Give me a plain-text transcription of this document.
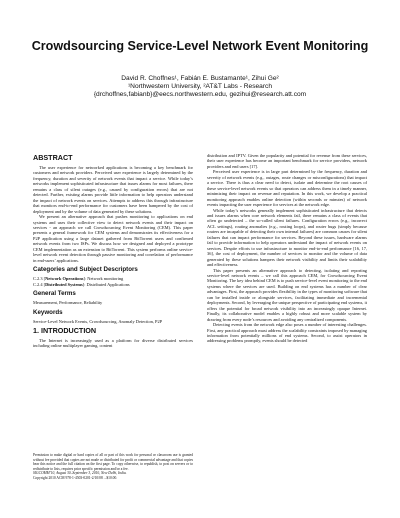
Crowdsourcing Service-Level Network Event Monitoring
David R. Choffnes¹, Fabián E. Bustamante¹, Zihui Ge²
¹Northwestern University, ²AT&T Labs - Research
{drchoffnes,fabianb}@eecs.northwestern.edu, gezihui@research.att.com
ABSTRACT

The user experience for networked applications is becoming a key benchmark for customers and network providers. Perceived user experience is largely determined by the frequency, duration and severity of network events that impact a service. While today’s networks implement sophisticated infrastructure that issues alarms for most failures, there remains a class of silent outages (e.g., caused by configuration errors) that are not detected. Further, existing alarms provide little information to help operators understand the impact of network events on services. Attempts to address this through infrastructure that monitors end-to-end performance for customers have been hampered by the cost of deployment and by the volume of data generated by these solutions.

We present an alternative approach that pushes monitoring to applications on end systems and uses their collective view to detect network events and their impact on services - an approach we call Crowdsourcing Event Monitoring (CEM). This paper presents a general framework for CEM systems and demonstrates its effectiveness for a P2P application using a large dataset gathered from BitTorrent users and confirmed network events from two ISPs. We discuss how we designed and deployed a prototype CEM implementation as an extension to BitTorrent. This system performs online service-level network event detection through passive monitoring and correlation of performance in end-users’ applications.

Categories and Subject Descriptors
C.2.3 [Network Operations]: Network monitoring
C.2.4 [Distributed Systems]: Distributed Applications
General Terms

Measurement, Performance, Reliability

Keywords

Service-Level Network Events, Crowdsourcing, Anomaly Detection, P2P

1. INTRODUCTION

The Internet is increasingly used as a platform for diverse distributed services including online multiplayer gaming, content

Permission to make digital or hard copies of all or part of this work for personal or classroom use is granted without fee provided that copies are not made or distributed for profit or commercial advantage and that copies bear this notice and the full citation on the first page. To copy otherwise, to republish, to post on servers or to redistribute to lists, requires prior specific permission and/or a fee.
SIGCOMM’10, August 30–September 3, 2010, New Delhi, India.
Copyright 2010 ACM 978-1-4503-0201-2/10/08 ...$10.00.

distribution and IPTV. Given the popularity and potential for revenue from these services, their user experience has become an important benchmark for service providers, network providers and end users [17].

Perceived user experience is in large part determined by the frequency, duration and severity of network events (e.g., outages, route changes or misconfigurations) that impact a service. There is thus a clear need to detect, isolate and determine the root causes of these service-level network events so that operators can address them in a timely manner, minimizing their impact on revenue and reputation. In this work, we develop a practical monitoring approach enables online detection (within seconds or minutes) of network events impacting the user experience for services at the network edge.

While today’s networks generally implement sophisticated infrastructure that detects and issues alarms when core network elements fail, there remains a class of events that often go undetected – the so-called silent failures. Configuration errors (e.g., incorrect ACL settings), routing anomalies (e.g., routing loops), and router bugs (simply because routers are incapable of detecting their own internal failures) are common causes for silent failures that can impact performance for services. Beyond these issues, hardware alarms fail to provide information to help operators understand the impact of network events on services. Despite efforts to use infrastructure to monitor end-to-end performance [16, 17, 36], the cost of deployment, the number of services to monitor and the volume of data generated by these solutions hampers their network visibility and limits their scalability and effectiveness.

This paper presents an alternative approach to detecting, isolating and reporting service-level network events – we call this approach CEM, for Crowdsourcing Event Monitoring. The key idea behind CEM is to push service-level event monitoring to the end systems where the services are used. Building on end systems has a number of clear advantages. First, the approach provides flexibility in the types of monitoring software that can be installed inside or alongside services, facilitating immediate and incremental deployments. Second, by leveraging the unique perspective of participating end systems, it offers the potential for broad network visibility into an increasingly opaque Internet. Finally, its collaborative model enables a highly robust and more scalable system by drawing from every node’s resources and avoiding any centralized components.

Detecting events from the network edge also poses a number of interesting challenges. First, any practical approach must address the scalability constraints imposed by managing information from potentially millions of end systems. Second, to assist operators in addressing problems promptly, events should be detected
